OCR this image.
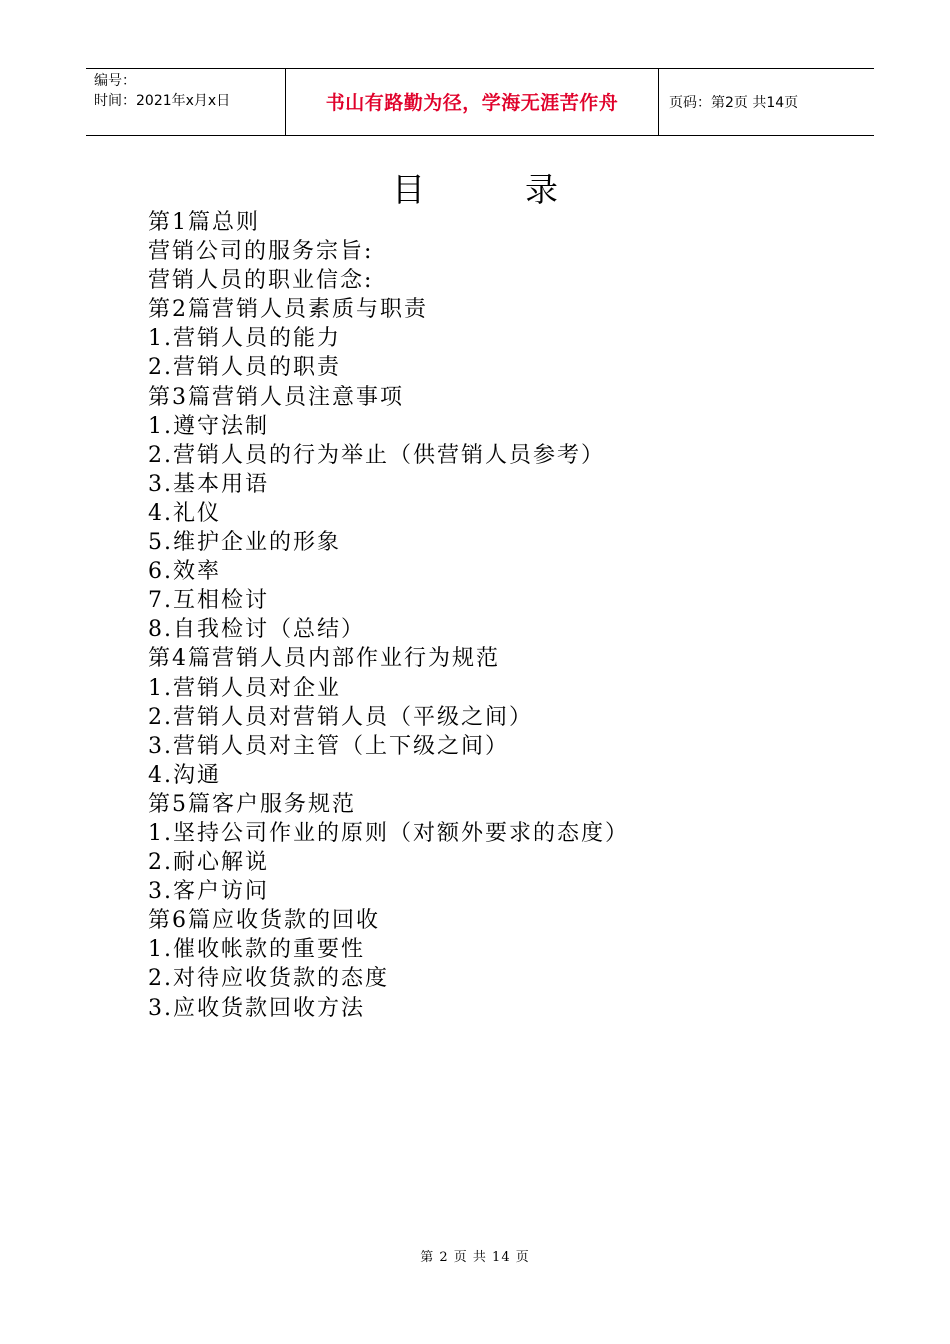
编号：
时间：2021年x月x日	书山有路勤为径，学海无涯苦作舟	页码：第2页 共14页
目	录
第1篇总则
营销公司的服务宗旨:
营销人员的职业信念:
第2篇营销人员素质与职责
1.营销人员的能力
2.营销人员的职责
第3篇营销人员注意事项
1.遵守法制
2.营销人员的行为举止（供营销人员参考）
3.基本用语
4.礼仪
5.维护企业的形象
6.效率
7.互相检讨
8.自我检讨（总结）
第4篇营销人员内部作业行为规范
1.营销人员对企业
2.营销人员对营销人员（平级之间）
3.营销人员对主管（上下级之间）
4.沟通
第5篇客户服务规范
1.坚持公司作业的原则（对额外要求的态度）
2.耐心解说
3.客户访问
第6篇应收货款的回收
1.催收帐款的重要性
2.对待应收货款的态度
3.应收货款回收方法
第 2 页 共 14 页
